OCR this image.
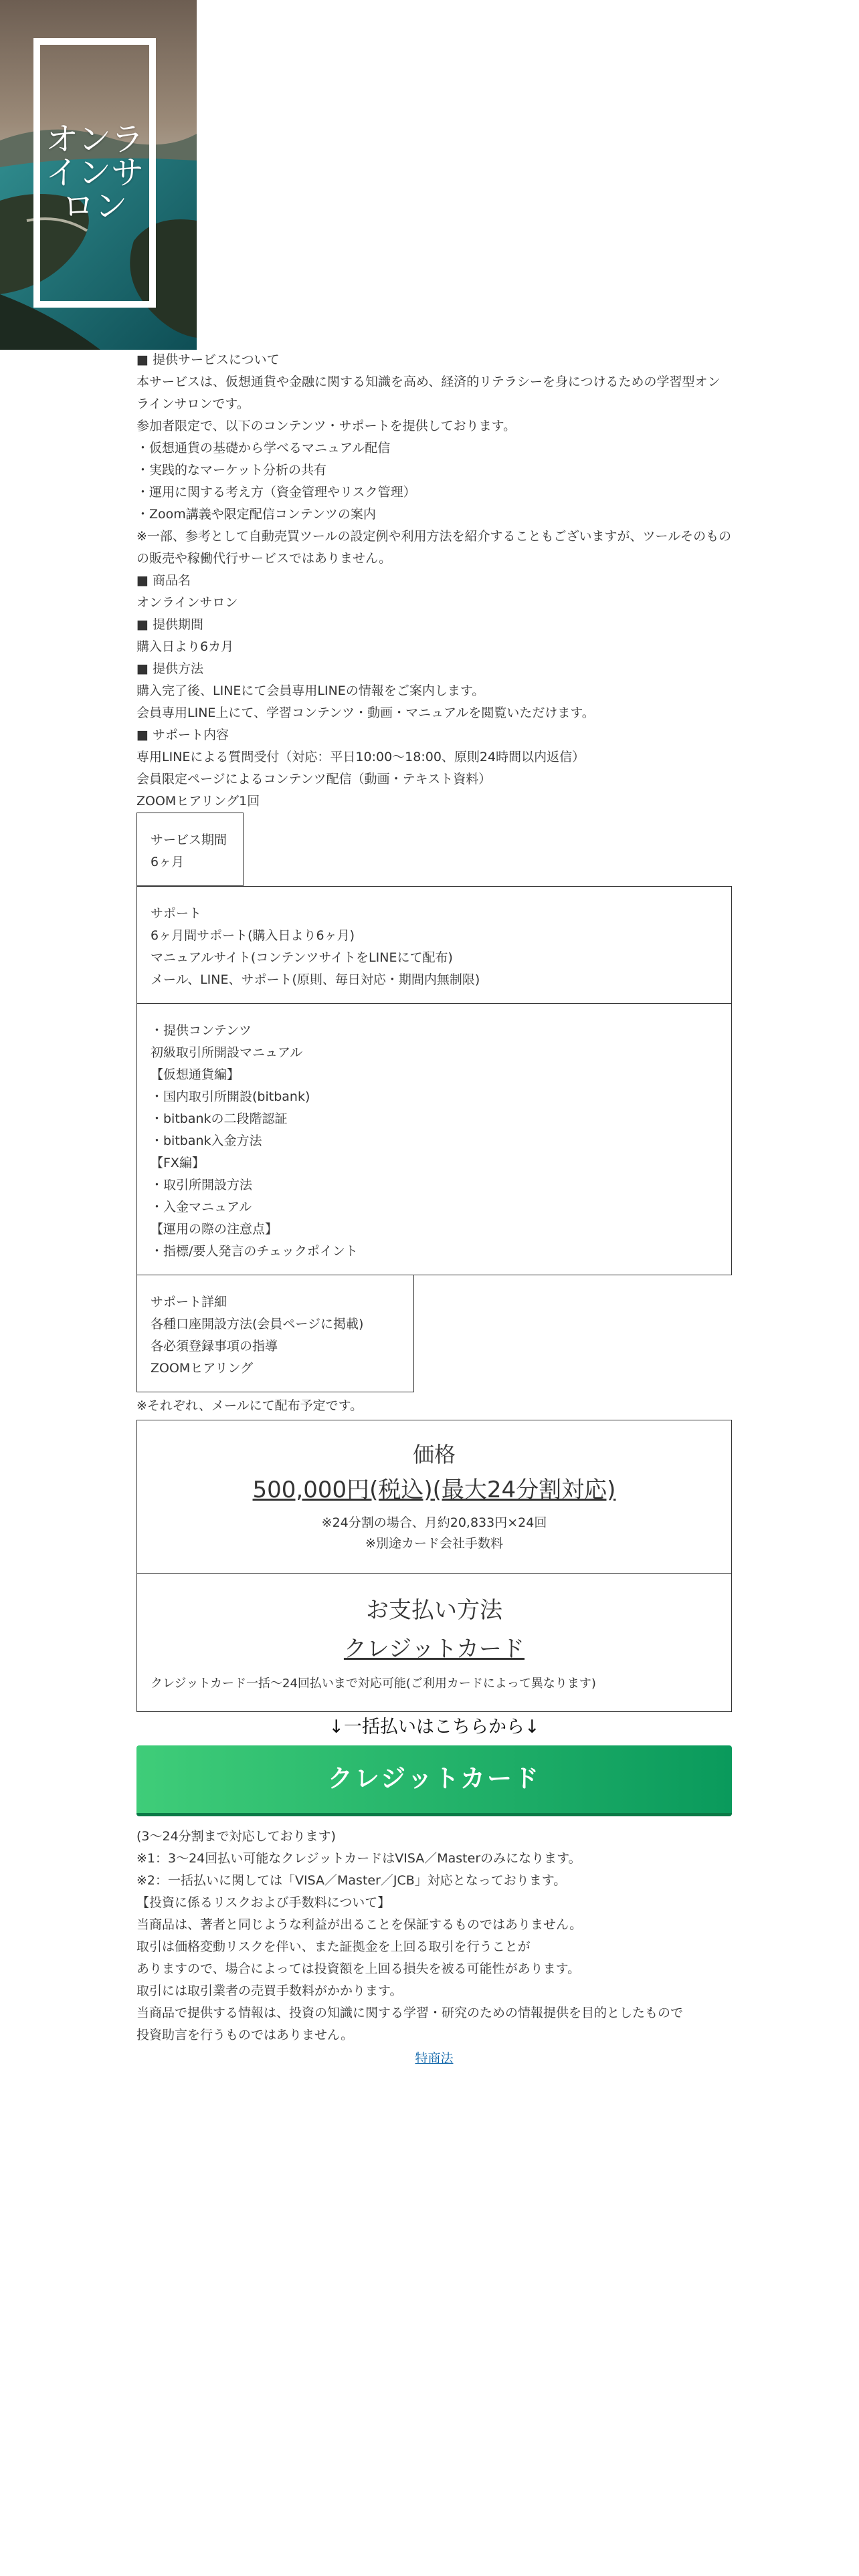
オンラインサロン
■ 提供サービスについて
本サービスは、仮想通貨や金融に関する知識を高め、経済的リテラシーを身につけるための学習型オンラインサロンです。
参加者限定で、以下のコンテンツ・サポートを提供しております。
・仮想通貨の基礎から学べるマニュアル配信
・実践的なマーケット分析の共有
・運用に関する考え方（資金管理やリスク管理）
・Zoom講義や限定配信コンテンツの案内
※一部、参考として自動売買ツールの設定例や利用方法を紹介することもございますが、ツールそのものの販売や稼働代行サービスではありません。
■ 商品名
オンラインサロン
■ 提供期間
購入日より6カ月
■ 提供方法
購入完了後、LINEにて会員専用LINEの情報をご案内します。
会員専用LINE上にて、学習コンテンツ・動画・マニュアルを閲覧いただけます。
■ サポート内容
専用LINEによる質問受付（対応：平日10:00〜18:00、原則24時間以内返信）
会員限定ページによるコンテンツ配信（動画・テキスト資料）
ZOOMヒアリング1回
サービス期間
6ヶ月
サポート
6ヶ月間サポート(購入日より6ヶ月)
マニュアルサイト(コンテンツサイトをLINEにて配布)
メール、LINE、サポート(原則、毎日対応・期間内無制限)
・提供コンテンツ
初級取引所開設マニュアル
【仮想通貨編】
・国内取引所開設(bitbank)
・bitbankの二段階認証
・bitbank入金方法
【FX編】
・取引所開設方法
・入金マニュアル
【運用の際の注意点】
・指標/要人発言のチェックポイント
サポート詳細
各種口座開設方法(会員ページに掲載)
各必須登録事項の指導
ZOOMヒアリング
※それぞれ、メールにて配布予定です。
価格
500,000円(税込)(最大24分割対応)
※24分割の場合、月約20,833円×24回
※別途カード会社手数料
お支払い方法
クレジットカード
クレジットカード一括〜24回払いまで対応可能(ご利用カードによって異なります)
↓一括払いはこちらから↓
クレジットカード
(3〜24分割まで対応しております)
※1：3〜24回払い可能なクレジットカードはVISA／Masterのみになります。
※2：一括払いに関しては「VISA／Master／JCB」対応となっております。
【投資に係るリスクおよび手数料について】
当商品は、著者と同じような利益が出ることを保証するものではありません。
取引は価格変動リスクを伴い、また証拠金を上回る取引を行うことが
ありますので、場合によっては投資額を上回る損失を被る可能性があります。
取引には取引業者の売買手数料がかかります。
当商品で提供する情報は、投資の知識に関する学習・研究のための情報提供を目的としたもので
投資助言を行うものではありません。
特商法
